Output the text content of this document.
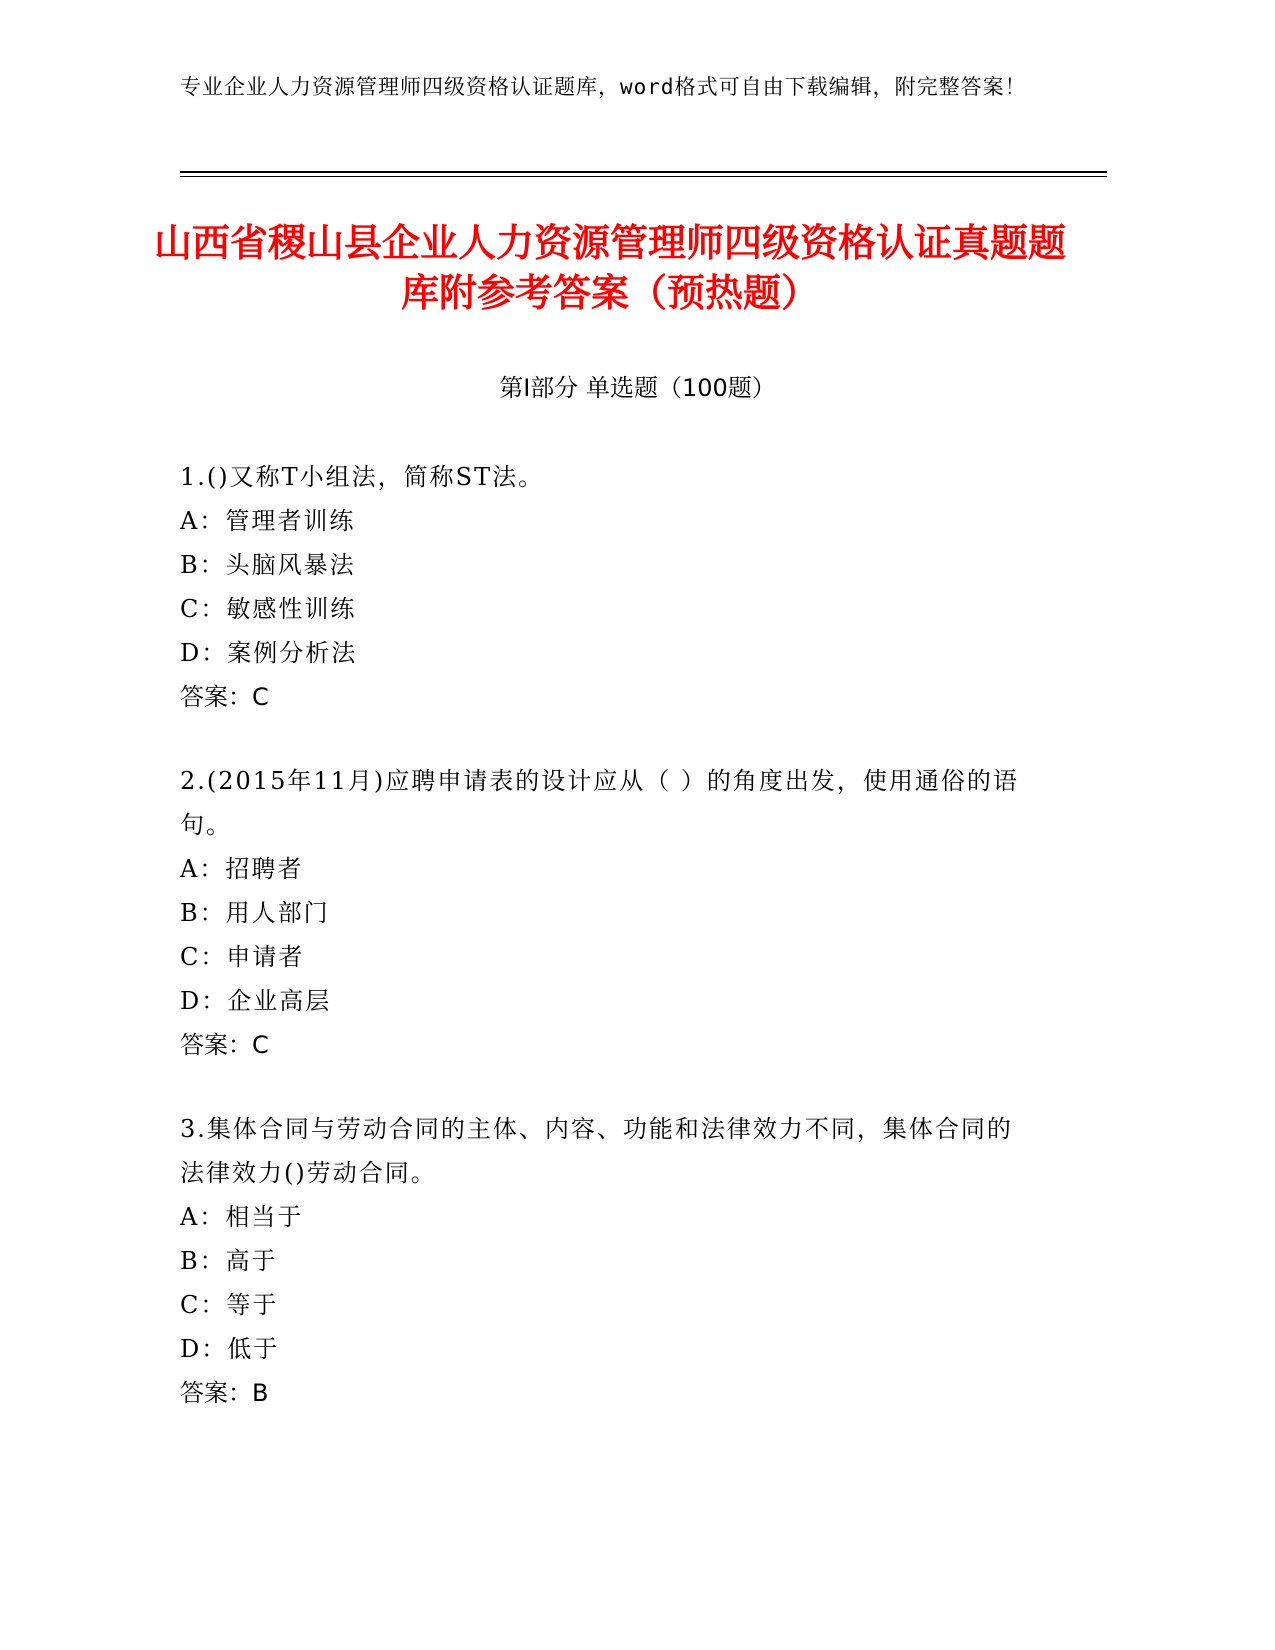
专业企业人力资源管理师四级资格认证题库，word格式可自由下载编辑，附完整答案！
山西省稷山县企业人力资源管理师四级资格认证真题题库附参考答案（预热题）
第Ⅰ部分 单选题（100题）
1.()又称T小组法，简称ST法。
A：管理者训练
B：头脑风暴法
C：敏感性训练
D：案例分析法
答案：C
2.(2015年11月)应聘申请表的设计应从（ ）的角度出发，使用通俗的语句。
A：招聘者
B：用人部门
C：申请者
D：企业高层
答案：C
3.集体合同与劳动合同的主体、内容、功能和法律效力不同，集体合同的法律效力()劳动合同。
A：相当于
B：高于
C：等于
D：低于
答案：B
